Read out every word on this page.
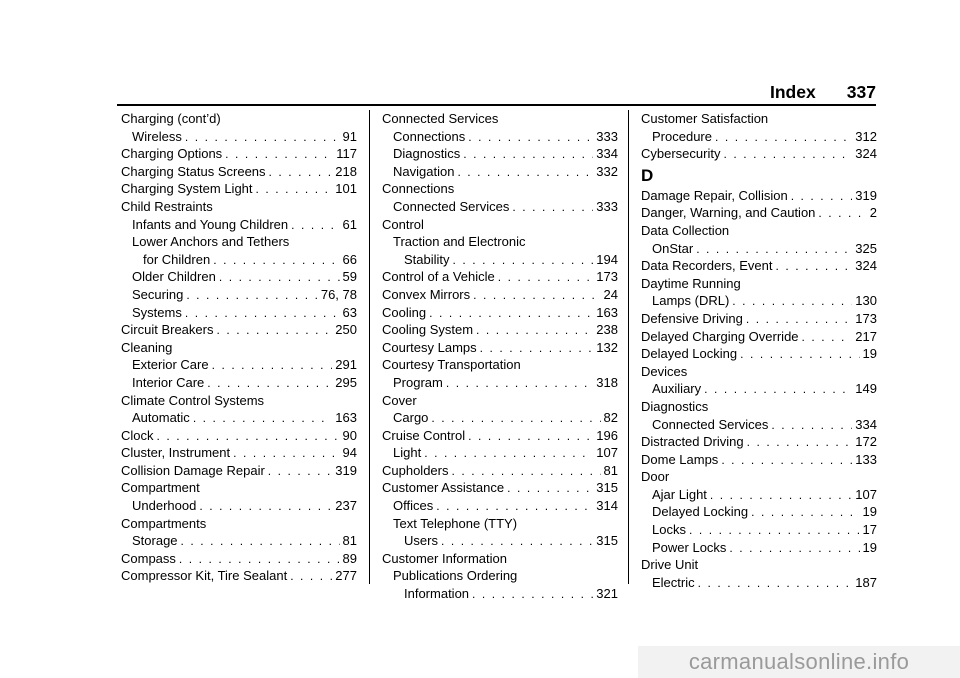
Index 337
Charging (cont’d)
Wireless . . .	91
Charging Options . . .	117
Charging Status Screens . . .	218
Charging System Light . . .	101
Child Restraints
Infants and Young Children . . .	61
Lower Anchors and Tethers
for Children . . .	66
Older Children . . .	59
Securing . . .	76, 78
Systems . . .	63
Circuit Breakers . . .	250
Cleaning
Exterior Care . . .	291
Interior Care . . .	295
Climate Control Systems
Automatic . . .	163
Clock . . .	90
Cluster, Instrument . . .	94
Collision Damage Repair . . .	319
Compartment
Underhood . . .	237
Compartments
Storage . . .	81
Compass . . .	89
Compressor Kit, Tire Sealant . . .	277
Connected Services
Connections . . .	333
Diagnostics . . .	334
Navigation . . .	332
Connections
Connected Services . . .	333
Control
Traction and Electronic
Stability . . .	194
Control of a Vehicle . . .	173
Convex Mirrors . . .	24
Cooling . . .	163
Cooling System . . .	238
Courtesy Lamps . . .	132
Courtesy Transportation
Program . . .	318
Cover
Cargo . . .	82
Cruise Control . . .	196
Light . . .	107
Cupholders . . .	81
Customer Assistance . . .	315
Offices . . .	314
Text Telephone (TTY)
Users . . .	315
Customer Information
Publications Ordering
Information . . .	321
Customer Satisfaction
Procedure . . .	312
Cybersecurity . . .	324
D
Damage Repair, Collision . . .	319
Danger, Warning, and Caution . . .	2
Data Collection
OnStar . . .	325
Data Recorders, Event . . .	324
Daytime Running
Lamps (DRL) . . .	130
Defensive Driving . . .	173
Delayed Charging Override . . .	217
Delayed Locking . . .	19
Devices
Auxiliary . . .	149
Diagnostics
Connected Services . . .	334
Distracted Driving . . .	172
Dome Lamps . . .	133
Door
Ajar Light . . .	107
Delayed Locking . . .	19
Locks . . .	17
Power Locks . . .	19
Drive Unit
Electric . . .	187
carmanualsonline.info
